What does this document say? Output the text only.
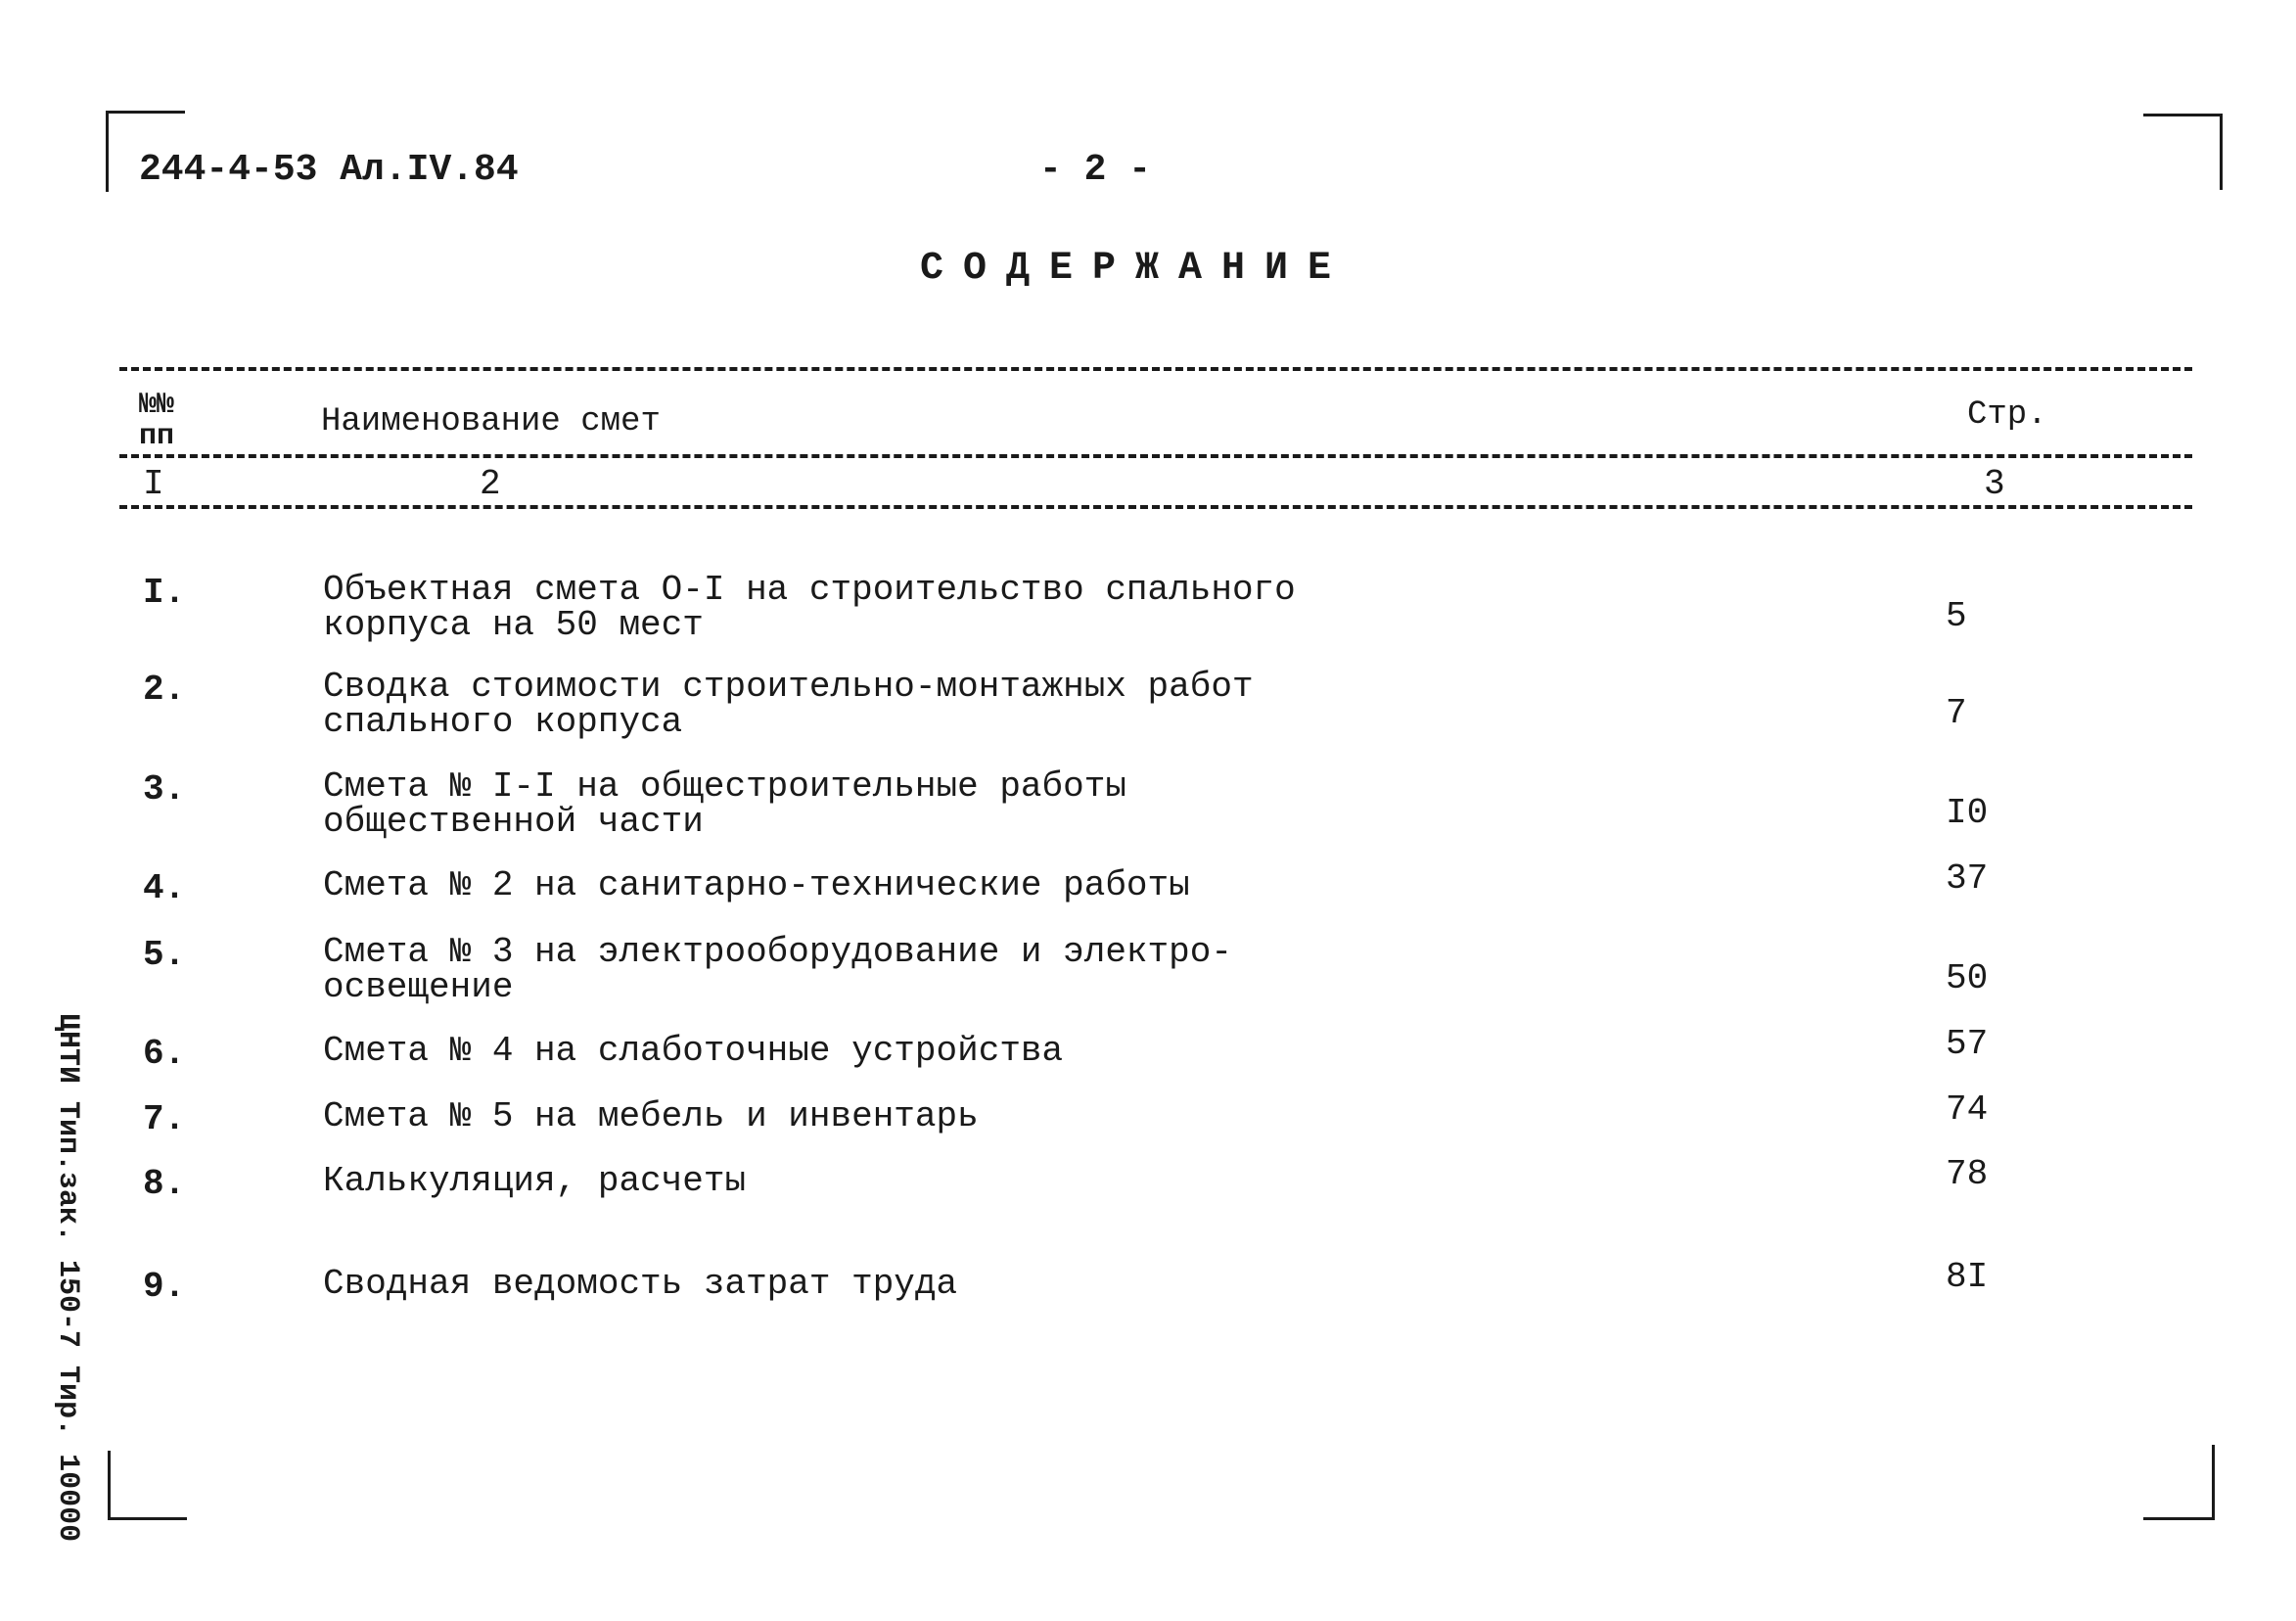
244-4-53 Ал.IV.84	- 2 -
СОДЕРЖАНИЕ
№№
пп	Наименование смет	Стр.
I	2	3
I.	Объектная смета О-I на строительство спального
корпуса на 50 мест	5
2.	Сводка стоимости строительно-монтажных работ
спального корпуса	7
3.	Смета № I-I на общестроительные работы
общественной части	I0
4.	Смета № 2 на санитарно-технические работы	37
5.	Смета № 3 на электрооборудование и электро-
освещение	50
6.	Смета № 4 на слаботочные устройства	57
7.	Смета № 5 на мебель и инвентарь	74
8.	Калькуляция, расчеты	78
9.	Сводная ведомость затрат труда	8I
ЦНТИ Тип.зак. 150-7 Тир. 10000
